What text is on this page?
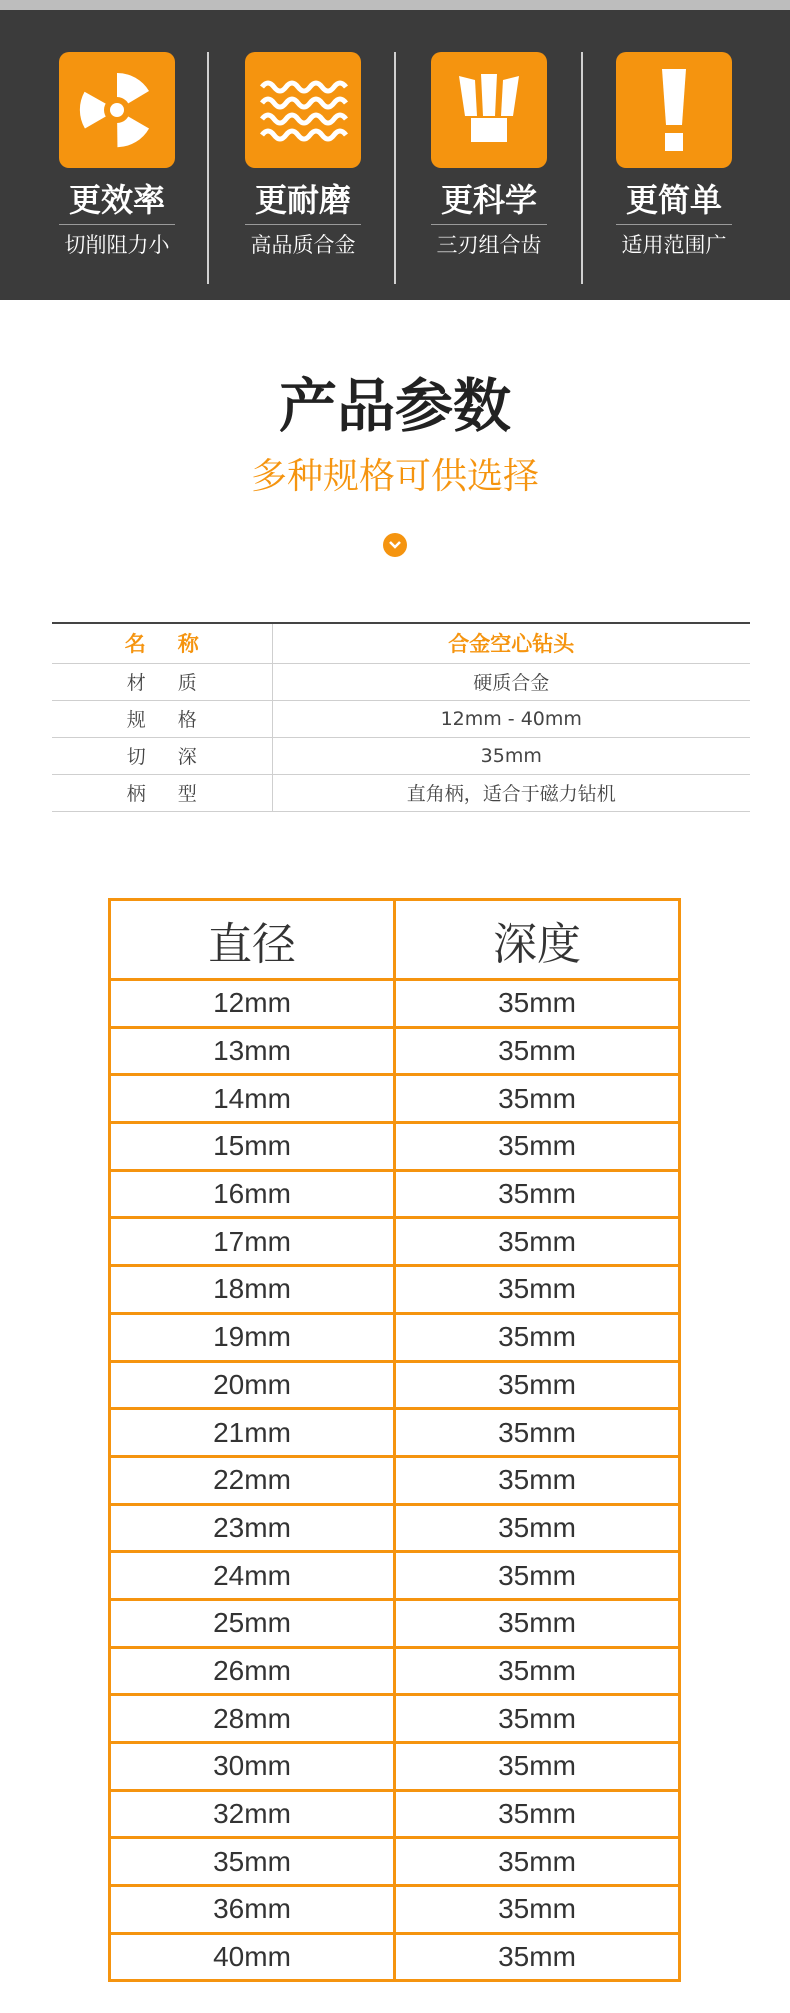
更效率
切削阻力小
更耐磨
高品质合金
更科学
三刃组合齿
更简单
适用范围广
产品参数
多种规格可供选择
名称	合金空心钻头
材质	硬质合金
规格	12mm - 40mm
切深	35mm
柄型	直角柄，适合于磁力钻机
直径	深度
12mm	35mm
13mm	35mm
14mm	35mm
15mm	35mm
16mm	35mm
17mm	35mm
18mm	35mm
19mm	35mm
20mm	35mm
21mm	35mm
22mm	35mm
23mm	35mm
24mm	35mm
25mm	35mm
26mm	35mm
28mm	35mm
30mm	35mm
32mm	35mm
35mm	35mm
36mm	35mm
40mm	35mm
